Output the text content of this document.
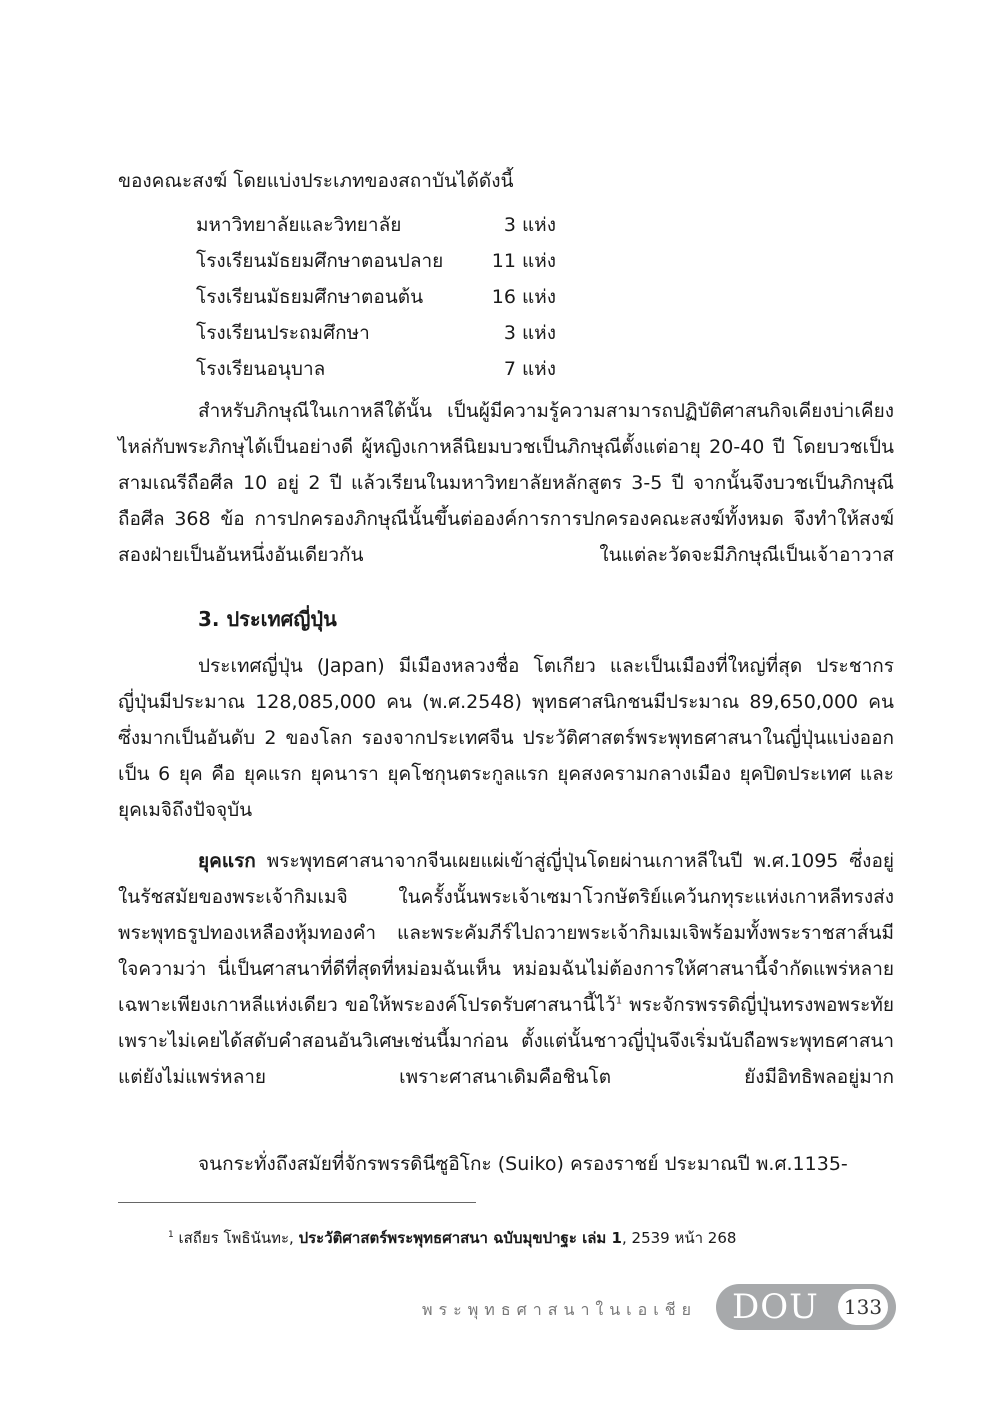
ของคณะสงฆ์ โดยแบ่งประเภทของสถาบันได้ดังนี้

มหาวิทยาลัยและวิทยาลัย	3 แห่ง
โรงเรียนมัธยมศึกษาตอนปลาย	11 แห่ง
โรงเรียนมัธยมศึกษาตอนต้น	16 แห่ง
โรงเรียนประถมศึกษา	3 แห่ง
โรงเรียนอนุบาล	7 แห่ง

สำหรับภิกษุณีในเกาหลีใต้นั้น เป็นผู้มีความรู้ความสามารถปฏิบัติศาสนกิจเคียงบ่าเคียงไหล่กับพระภิกษุได้เป็นอย่างดี ผู้หญิงเกาหลีนิยมบวชเป็นภิกษุณีตั้งแต่อายุ 20-40 ปี โดยบวชเป็นสามเณรีถือศีล 10 อยู่ 2 ปี แล้วเรียนในมหาวิทยาลัยหลักสูตร 3-5 ปี จากนั้นจึงบวชเป็นภิกษุณี ถือศีล 368 ข้อ การปกครองภิกษุณีนั้นขึ้นต่อองค์การการปกครองคณะสงฆ์ทั้งหมด จึงทำให้สงฆ์สองฝ่ายเป็นอันหนึ่งอันเดียวกัน ในแต่ละวัดจะมีภิกษุณีเป็นเจ้าอาวาส

3. ประเทศญี่ปุ่น

ประเทศญี่ปุ่น (Japan) มีเมืองหลวงชื่อ โตเกียว และเป็นเมืองที่ใหญ่ที่สุด ประชากรญี่ปุ่นมีประมาณ 128,085,000 คน (พ.ศ.2548) พุทธศาสนิกชนมีประมาณ 89,650,000 คน ซึ่งมากเป็นอันดับ 2 ของโลก รองจากประเทศจีน ประวัติศาสตร์พระพุทธศาสนาในญี่ปุ่นแบ่งออกเป็น 6 ยุค คือ ยุคแรก ยุคนารา ยุคโชกุนตระกูลแรก ยุคสงครามกลางเมือง ยุคปิดประเทศ และยุคเมจิถึงปัจจุบัน

ยุคแรก พระพุทธศาสนาจากจีนเผยแผ่เข้าสู่ญี่ปุ่นโดยผ่านเกาหลีในปี พ.ศ.1095 ซึ่งอยู่ในรัชสมัยของพระเจ้ากิมเมจิ ในครั้งนั้นพระเจ้าเซมาโวกษัตริย์แคว้นกทุระแห่งเกาหลีทรงส่งพระพุทธรูปทองเหลืองหุ้มทองคำ และพระคัมภีร์ไปถวายพระเจ้ากิมเมเจิพร้อมทั้งพระราชสาส์นมีใจความว่า นี่เป็นศาสนาที่ดีที่สุดที่หม่อมฉันเห็น หม่อมฉันไม่ต้องการให้ศาสนานี้จำกัดแพร่หลาย เฉพาะเพียงเกาหลีแห่งเดียว ขอให้พระองค์โปรดรับศาสนานี้ไว้$^1$ พระจักรพรรดิญี่ปุ่นทรงพอพระทัยเพราะไม่เคยได้สดับคำสอนอันวิเศษเช่นนี้มาก่อน ตั้งแต่นั้นชาวญี่ปุ่นจึงเริ่มนับถือพระพุทธศาสนา แต่ยังไม่แพร่หลาย เพราะศาสนาเดิมคือชินโต ยังมีอิทธิพลอยู่มาก

จนกระทั่งถึงสมัยที่จักรพรรดินีซูอิโกะ (Suiko) ครองราชย์ ประมาณปี พ.ศ.1135-

$^1$ เสถียร โพธินันทะ, ประวัติศาสตร์พระพุทธศาสนา ฉบับมุขปาฐะ เล่ม 1, 2539 หน้า 268

พระพุทธศาสนาในเอเชีย DOU 133
